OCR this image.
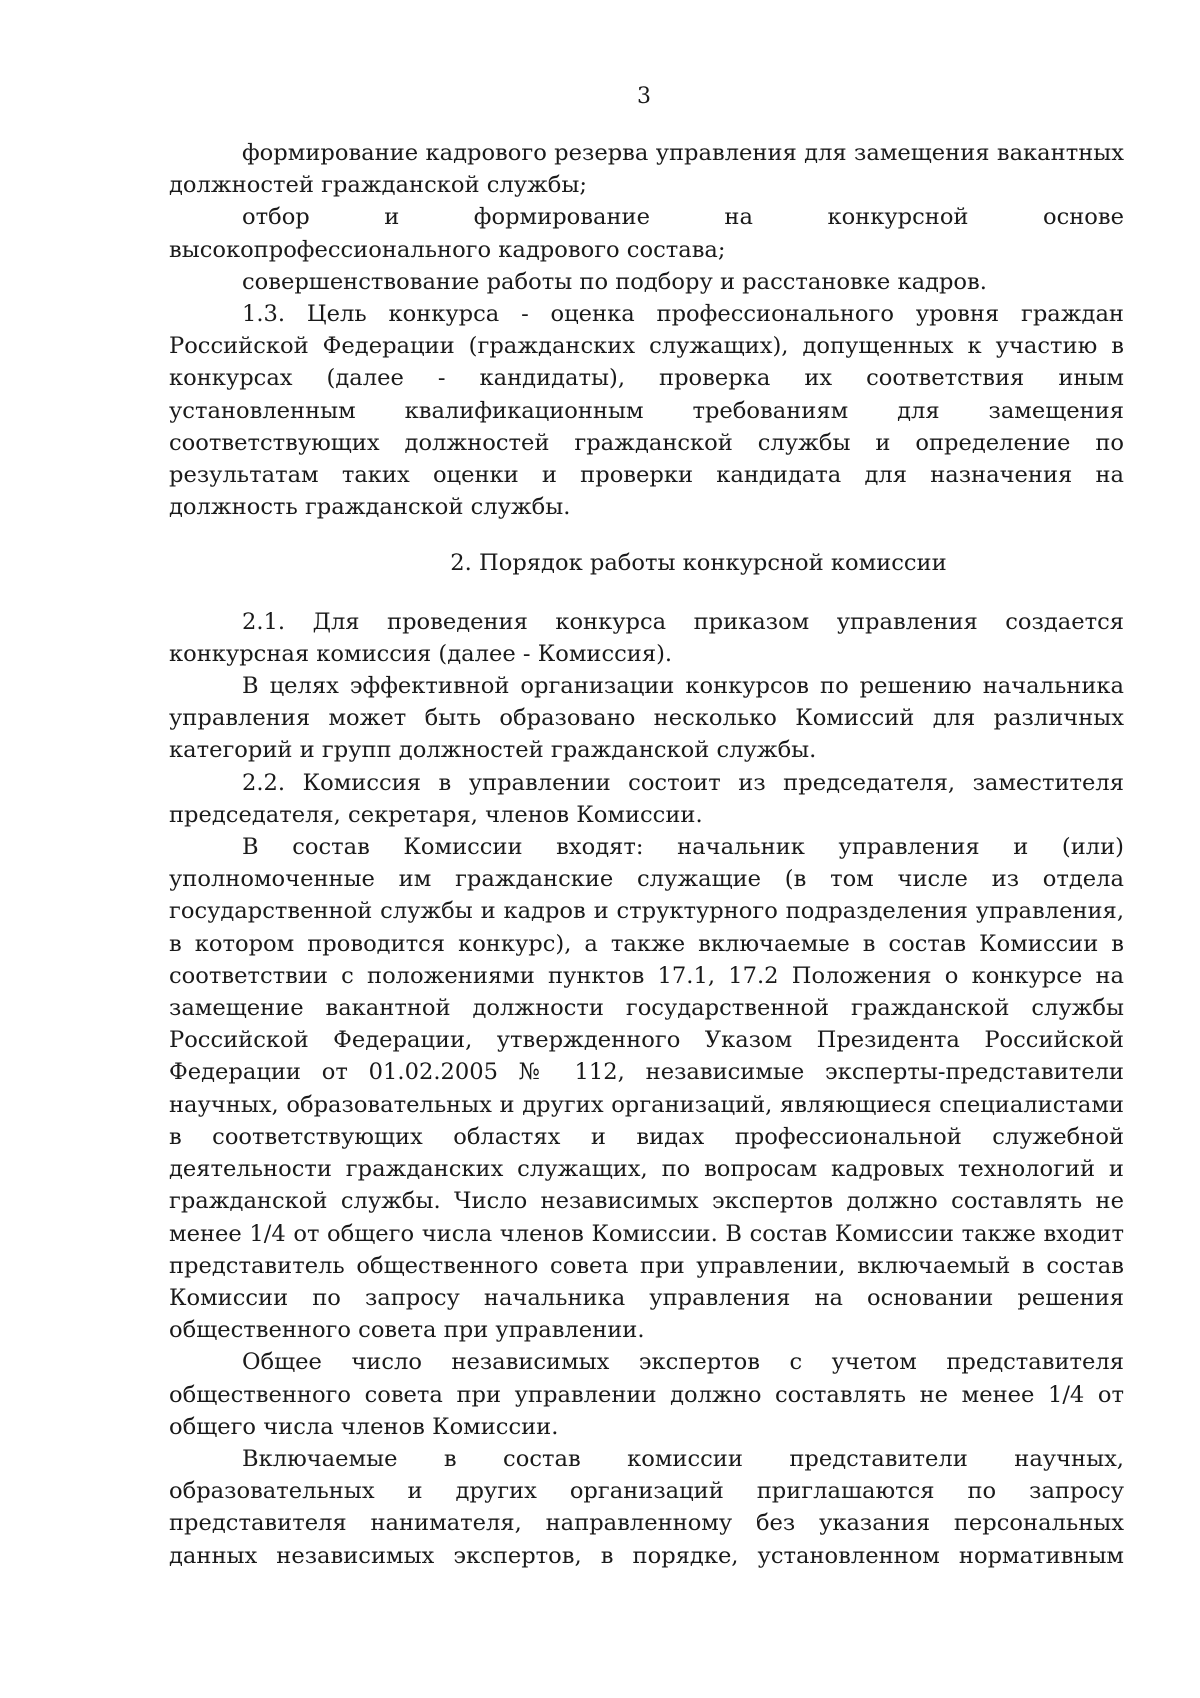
3

формирование кадрового резерва управления для замещения вакантных должностей гражданской службы;

отбор и формирование на конкурсной основе

высокопрофессионального кадрового состава;

совершенствование работы по подбору и расстановке кадров.

1.3. Цель конкурса - оценка профессионального уровня граждан Российской Федерации (гражданских служащих), допущенных к участию в конкурсах (далее - кандидаты), проверка их соответствия иным установленным квалификационным требованиям для замещения соответствующих должностей гражданской службы и определение по результатам таких оценки и проверки кандидата для назначения на должность гражданской службы.

2. Порядок работы конкурсной комиссии

2.1. Для проведения конкурса приказом управления создается конкурсная комиссия (далее - Комиссия).

В целях эффективной организации конкурсов по решению начальника управления может быть образовано несколько Комиссий для различных категорий и групп должностей гражданской службы.

2.2. Комиссия в управлении состоит из председателя, заместителя председателя, секретаря, членов Комиссии.

В состав Комиссии входят: начальник управления и (или) уполномоченные им гражданские служащие (в том числе из отдела государственной службы и кадров и структурного подразделения управления, в котором проводится конкурс), а также включаемые в состав Комиссии в соответствии с положениями пунктов 17.1, 17.2 Положения о конкурсе на замещение вакантной должности государственной гражданской службы Российской Федерации, утвержденного Указом Президента Российской Федерации от 01.02.2005 № 112, независимые эксперты-представители научных, образовательных и других организаций, являющиеся специалистами в соответствующих областях и видах профессиональной служебной деятельности гражданских служащих, по вопросам кадровых технологий и гражданской службы. Число независимых экспертов должно составлять не менее 1/4 от общего числа членов Комиссии. В состав Комиссии также входит представитель общественного совета при управлении, включаемый в состав Комиссии по запросу начальника управления на основании решения общественного совета при управлении.

Общее число независимых экспертов с учетом представителя общественного совета при управлении должно составлять не менее 1/4 от общего числа членов Комиссии.

Включаемые в состав комиссии представители научных, образовательных и других организаций приглашаются по запросу представителя нанимателя, направленному без указания персональных данных независимых экспертов, в порядке, установленном нормативным
